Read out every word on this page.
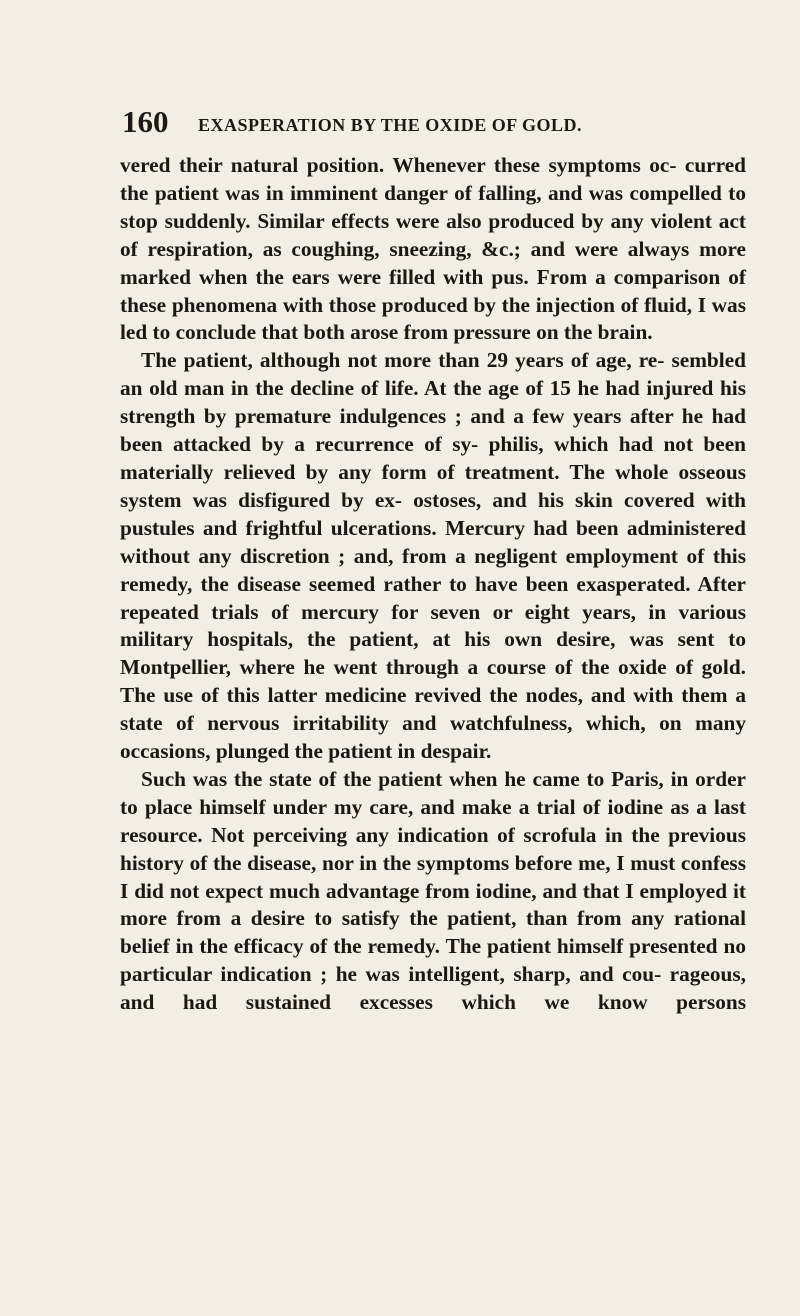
160 EXASPERATION BY THE OXIDE OF GOLD.

vered their natural position. Whenever these symptoms oc- curred the patient was in imminent danger of falling, and was compelled to stop suddenly. Similar effects were also produced by any violent act of respiration, as coughing, sneezing, &c.; and were always more marked when the ears were filled with pus. From a comparison of these phenomena with those produced by the injection of fluid, I was led to conclude that both arose from pressure on the brain.

The patient, although not more than 29 years of age, re- sembled an old man in the decline of life. At the age of 15 he had injured his strength by premature indulgences ; and a few years after he had been attacked by a recurrence of sy- philis, which had not been materially relieved by any form of treatment. The whole osseous system was disfigured by ex- ostoses, and his skin covered with pustules and frightful ulcerations. Mercury had been administered without any discretion ; and, from a negligent employment of this remedy, the disease seemed rather to have been exasperated. After repeated trials of mercury for seven or eight years, in various military hospitals, the patient, at his own desire, was sent to Montpellier, where he went through a course of the oxide of gold. The use of this latter medicine revived the nodes, and with them a state of nervous irritability and watchfulness, which, on many occasions, plunged the patient in despair.

Such was the state of the patient when he came to Paris, in order to place himself under my care, and make a trial of iodine as a last resource. Not perceiving any indication of scrofula in the previous history of the disease, nor in the symptoms before me, I must confess I did not expect much advantage from iodine, and that I employed it more from a desire to satisfy the patient, than from any rational belief in the efficacy of the remedy. The patient himself presented no particular indication ; he was intelligent, sharp, and cou- rageous, and had sustained excesses which we know persons
